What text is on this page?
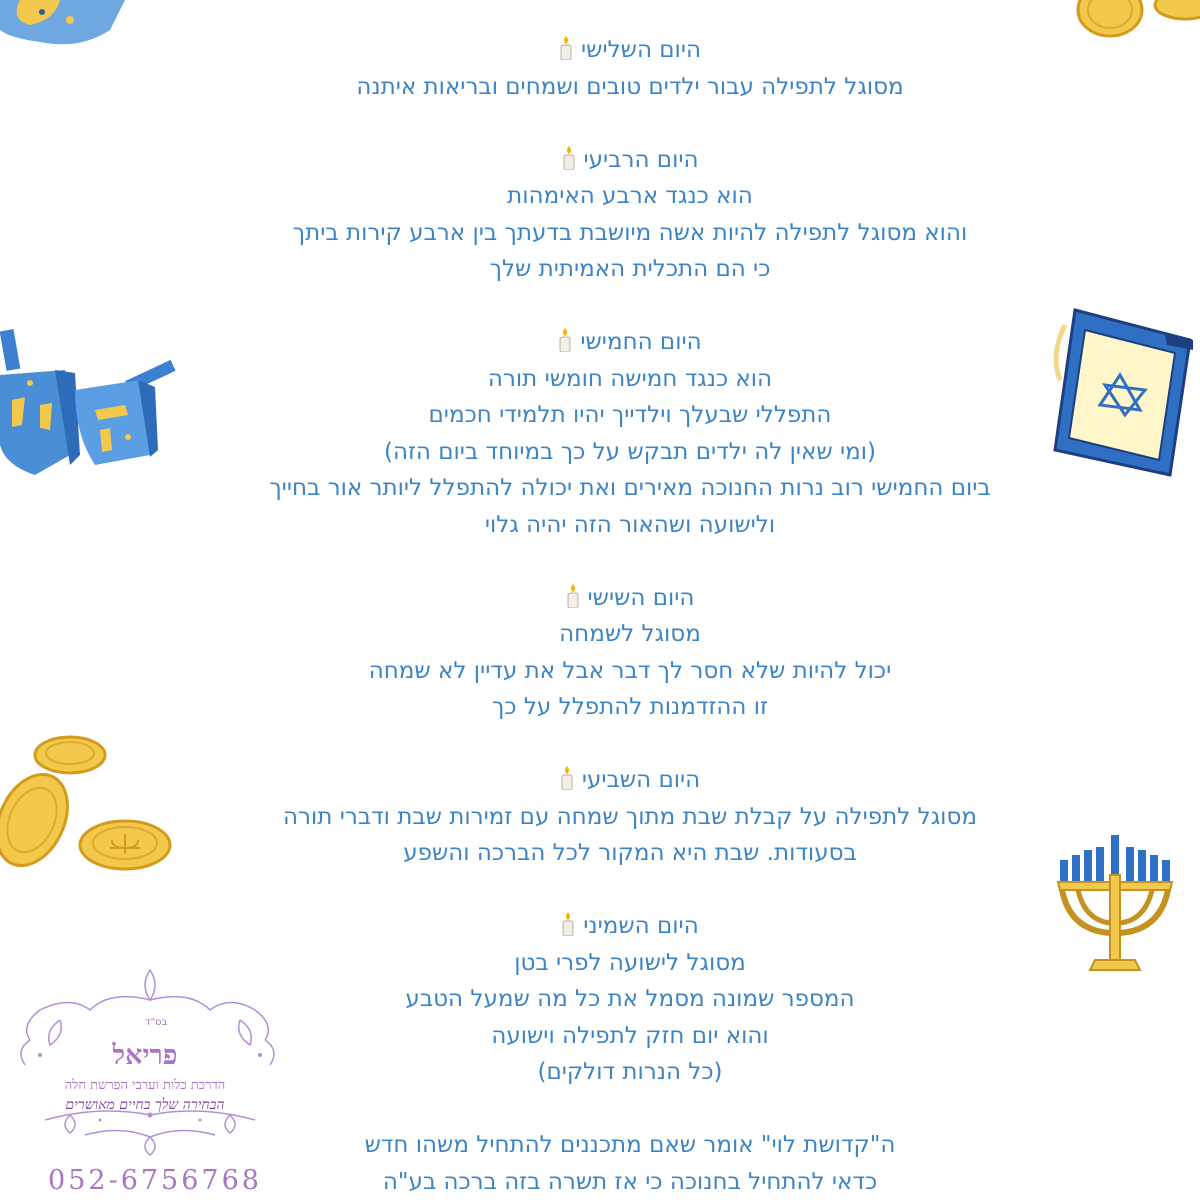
היום השלישי
מסוגל לתפילה עבור ילדים טובים ושמחים ובריאות איתנה
היום הרביעי
הוא כנגד ארבע האימהות
והוא מסוגל לתפילה להיות אשה מיושבת בדעתך בין ארבע קירות ביתך
כי הם התכלית האמיתית שלך
היום החמישי
הוא כנגד חמישה חומשי תורה
התפללי שבעלך וילדייך יהיו תלמידי חכמים
(ומי שאין לה ילדים תבקש על כך במיוחד ביום הזה)
ביום החמישי רוב נרות החנוכה מאירים ואת יכולה להתפלל ליותר אור בחייך
ולישועה ושהאור הזה יהיה גלוי
היום השישי
מסוגל לשמחה
יכול להיות שלא חסר לך דבר אבל את עדיין לא שמחה
זו ההזדמנות להתפלל על כך
היום השביעי
מסוגל לתפילה על קבלת שבת מתוך שמחה עם זמירות שבת ודברי תורה
בסעודות. שבת היא המקור לכל הברכה והשפע
היום השמיני
מסוגל לישועה לפרי בטן
המספר שמונה מסמל את כל מה שמעל הטבע
והוא יום חזק לתפילה וישועה
(כל הנרות דולקים)
ה"קדושת לוי" אומר שאם מתכננים להתחיל משהו חדש
כדאי להתחיל בחנוכה כי אז תשרה בזה ברכה בע"ה
בס"ד
פריאל
הדרכת כלות וערבי הפרשת חלה
הבחירה שלך בחיים מאושרים
052-6756768
